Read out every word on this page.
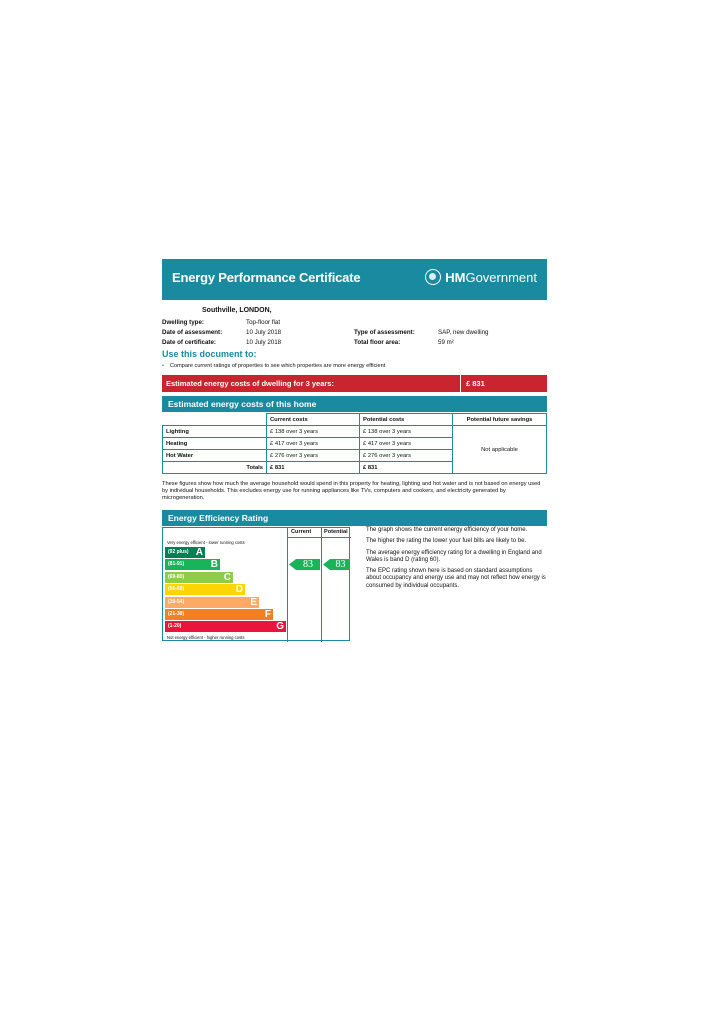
Energy Performance Certificate	HM Government
Southville, LONDON,
Dwelling type:	Top-floor flat
Date of assessment:	10 July 2018
Date of certificate:	10 July 2018
Type of assessment:	SAP, new dwelling
Total floor area:	59 m²
Use this document to:
• Compare current ratings of properties to see which properties are more energy efficient
Estimated energy costs of dwelling for 3 years:	£ 831
Estimated energy costs of this home
	Current costs	Potential costs	Potential future savings
Lighting	£ 138 over 3 years	£ 138 over 3 years	Not applicable
Heating	£ 417 over 3 years	£ 417 over 3 years	
Hot Water	£ 276 over 3 years	£ 276 over 3 years	
Totals	£ 831	£ 831	
These figures show how much the average household would spend in this property for heating, lighting and hot water and is not based on energy used by individual households. This excludes energy use for running appliances like TVs, computers and cookers, and electricity generated by microgeneration.
Energy Efficiency Rating
Current Potential
Very energy efficient - lower running costs
(92 plus) A
(81-91)	B
(69-80)	C
(55-68)	D
(39-54)	E
(21-38)	F
(1-20)	G
83	83
Not energy efficient - higher running costs

The graph shows the current energy efficiency of your home.

The higher the rating the lower your fuel bills are likely to be.

The average energy efficiency rating for a dwelling in England and Wales is band D (rating 60).

The EPC rating shown here is based on standard assumptions about occupancy and energy use and may not reflect how energy is consumed by individual occupants.
